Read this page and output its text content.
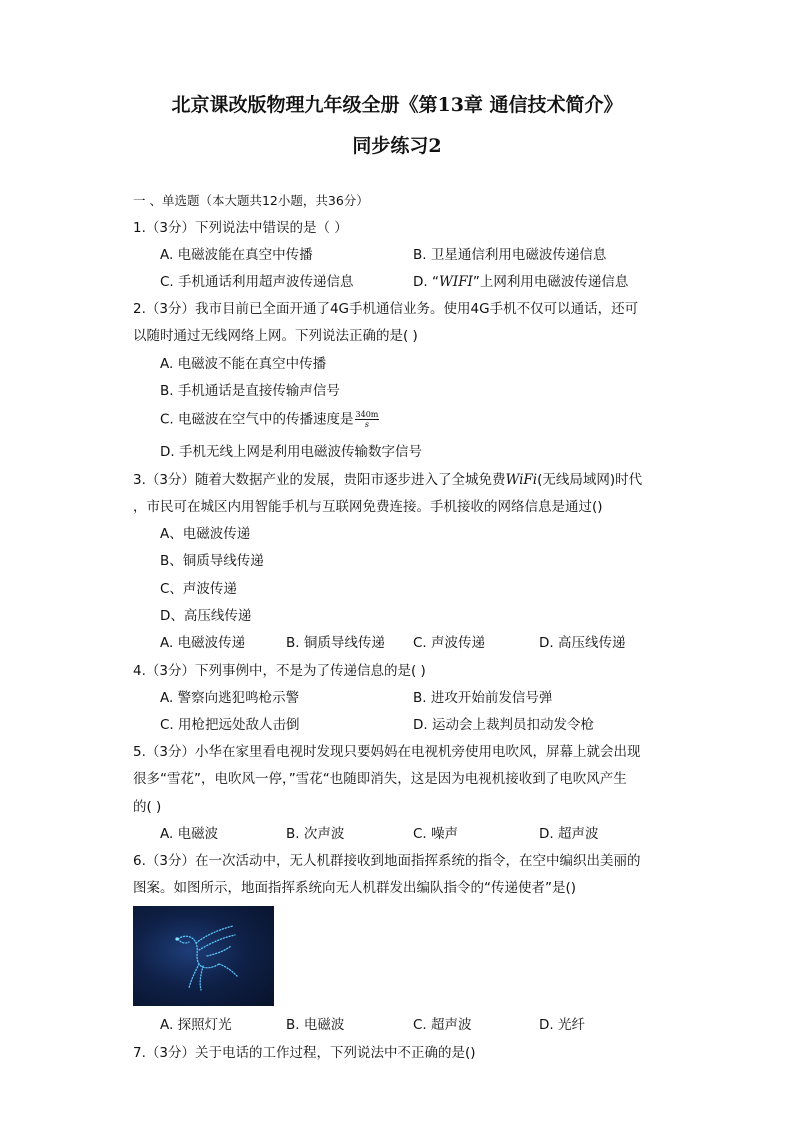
北京课改版物理九年级全册《第13章 通信技术简介》
同步练习2
一 、单选题（本大题共12小题，共36分）
1.（3分）下列说法中错误的是（ ）
A. 电磁波能在真空中传播	B. 卫星通信利用电磁波传递信息
C. 手机通话利用超声波传递信息	D. “WIFI”上网利用电磁波传递信息
2.（3分）我市目前已全面开通了4G手机通信业务。使用4G手机不仅可以通话，还可
以随时通过无线网络上网。下列说法正确的是( )
A. 电磁波不能在真空中传播
B. 手机通话是直接传输声信号
C. 电磁波在空气中的传播速度是 $\frac{340m}{s}$
D. 手机无线上网是利用电磁波传输数字信号
3.（3分）随着大数据产业的发展，贵阳市逐步进入了全城免费WiFi(无线局域网)时代
，市民可在城区内用智能手机与互联网免费连接。手机接收的网络信息是通过()
A、电磁波传递
B、铜质导线传递
C、声波传递
D、高压线传递
A. 电磁波传递	B. 铜质导线传递 C. 声波传递	D. 高压线传递
4.（3分）下列事例中，不是为了传递信息的是( )
A. 警察向逃犯鸣枪示警	B. 进攻开始前发信号弹
C. 用枪把远处敌人击倒	D. 运动会上裁判员扣动发令枪
5.（3分）小华在家里看电视时发现只要妈妈在电视机旁使用电吹风，屏幕上就会出现
很多“雪花”，电吹风一停，”雪花“也随即消失，这是因为电视机接收到了电吹风产生
的( )
A. 电磁波	B. 次声波	C. 噪声	D. 超声波
6.（3分）在一次活动中，无人机群接收到地面指挥系统的指令，在空中编织出美丽的
图案。如图所示，地面指挥系统向无人机群发出编队指令的“传递使者”是()
A. 探照灯光	B. 电磁波	C. 超声波	D. 光纤
7.（3分）关于电话的工作过程，下列说法中不正确的是()
